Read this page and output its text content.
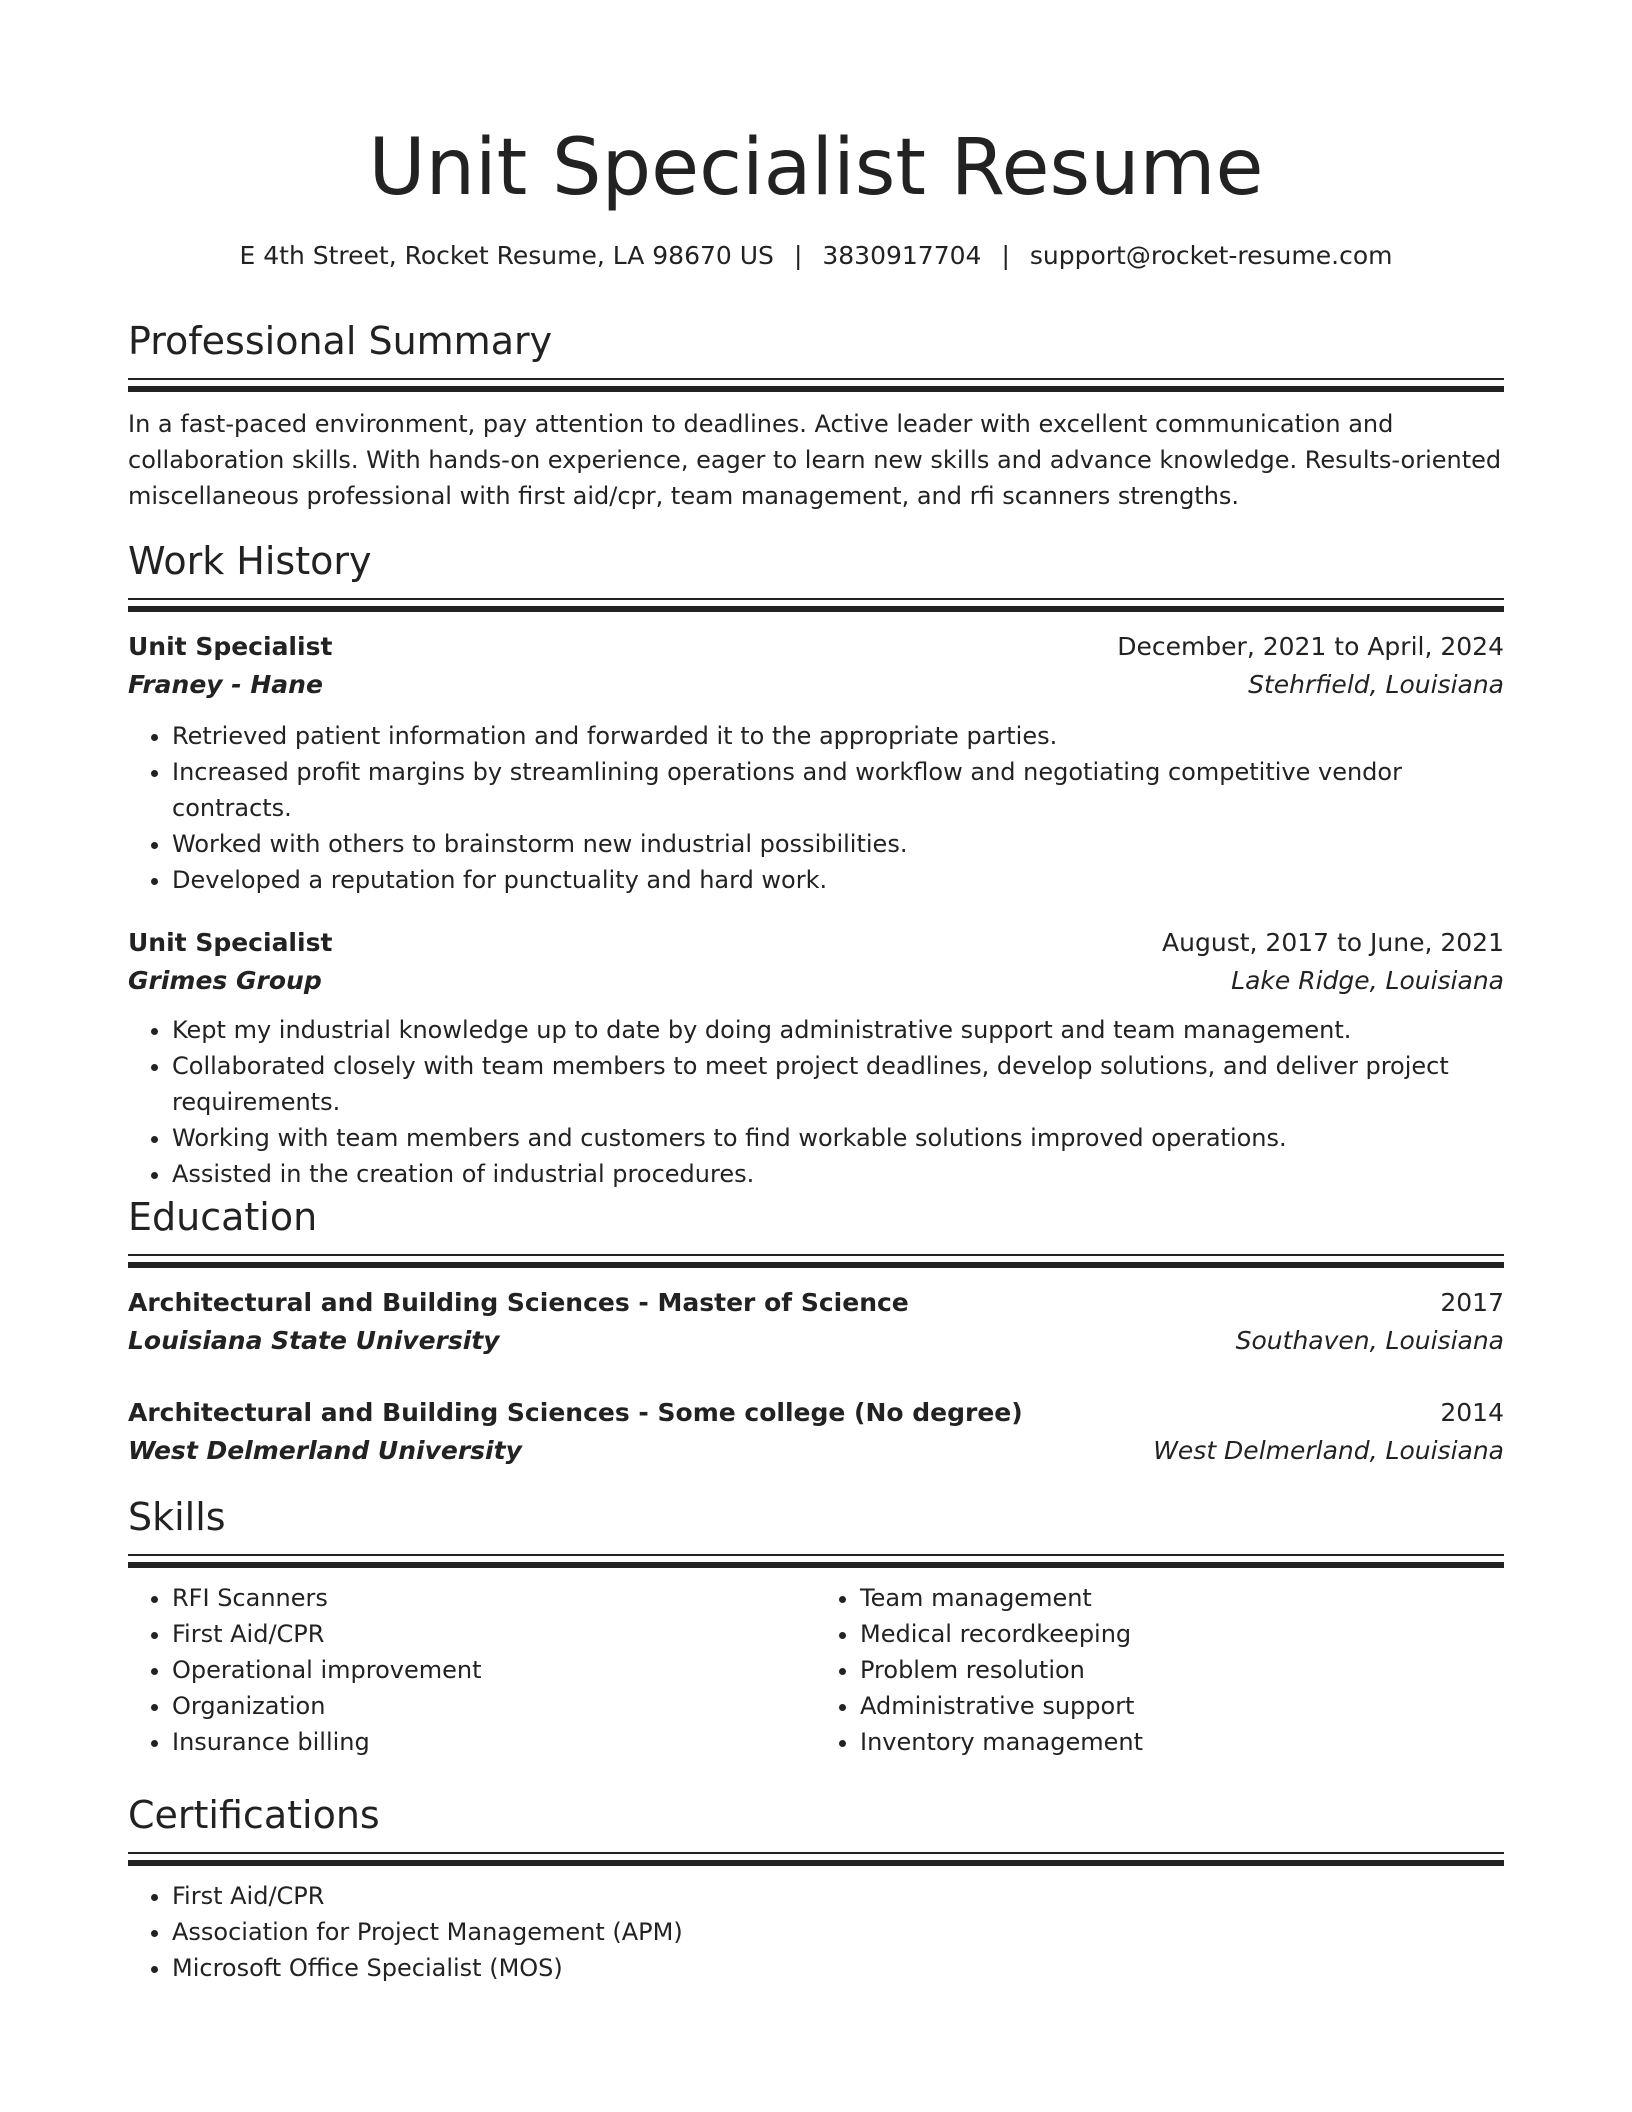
Unit Specialist Resume
E 4th Street, Rocket Resume, LA 98670 US | 3830917704 | support@rocket-resume.com
Professional Summary

In a fast-paced environment, pay attention to deadlines. Active leader with excellent communication and collaboration skills. With hands-on experience, eager to learn new skills and advance knowledge. Results-oriented miscellaneous professional with first aid/cpr, team management, and rfi scanners strengths.

Work History
Unit Specialist	December, 2021 to April, 2024
Franey - Hane	Stehrfield, Louisiana
• Retrieved patient information and forwarded it to the appropriate parties.
• Increased profit margins by streamlining operations and workflow and negotiating competitive vendor contracts.
• Worked with others to brainstorm new industrial possibilities.
• Developed a reputation for punctuality and hard work.
Unit Specialist	August, 2017 to June, 2021
Grimes Group	Lake Ridge, Louisiana
• Kept my industrial knowledge up to date by doing administrative support and team management.
• Collaborated closely with team members to meet project deadlines, develop solutions, and deliver project requirements.
• Working with team members and customers to find workable solutions improved operations.
• Assisted in the creation of industrial procedures.
Education
Architectural and Building Sciences - Master of Science	2017
Louisiana State University	Southaven, Louisiana
Architectural and Building Sciences - Some college (No degree)	2014
West Delmerland University	West Delmerland, Louisiana
Skills
• RFI Scanners
• First Aid/CPR
• Operational improvement
• Organization
• Insurance billing
• Team management
• Medical recordkeeping
• Problem resolution
• Administrative support
• Inventory management
Certifications
• First Aid/CPR
• Association for Project Management (APM)
• Microsoft Office Specialist (MOS)
